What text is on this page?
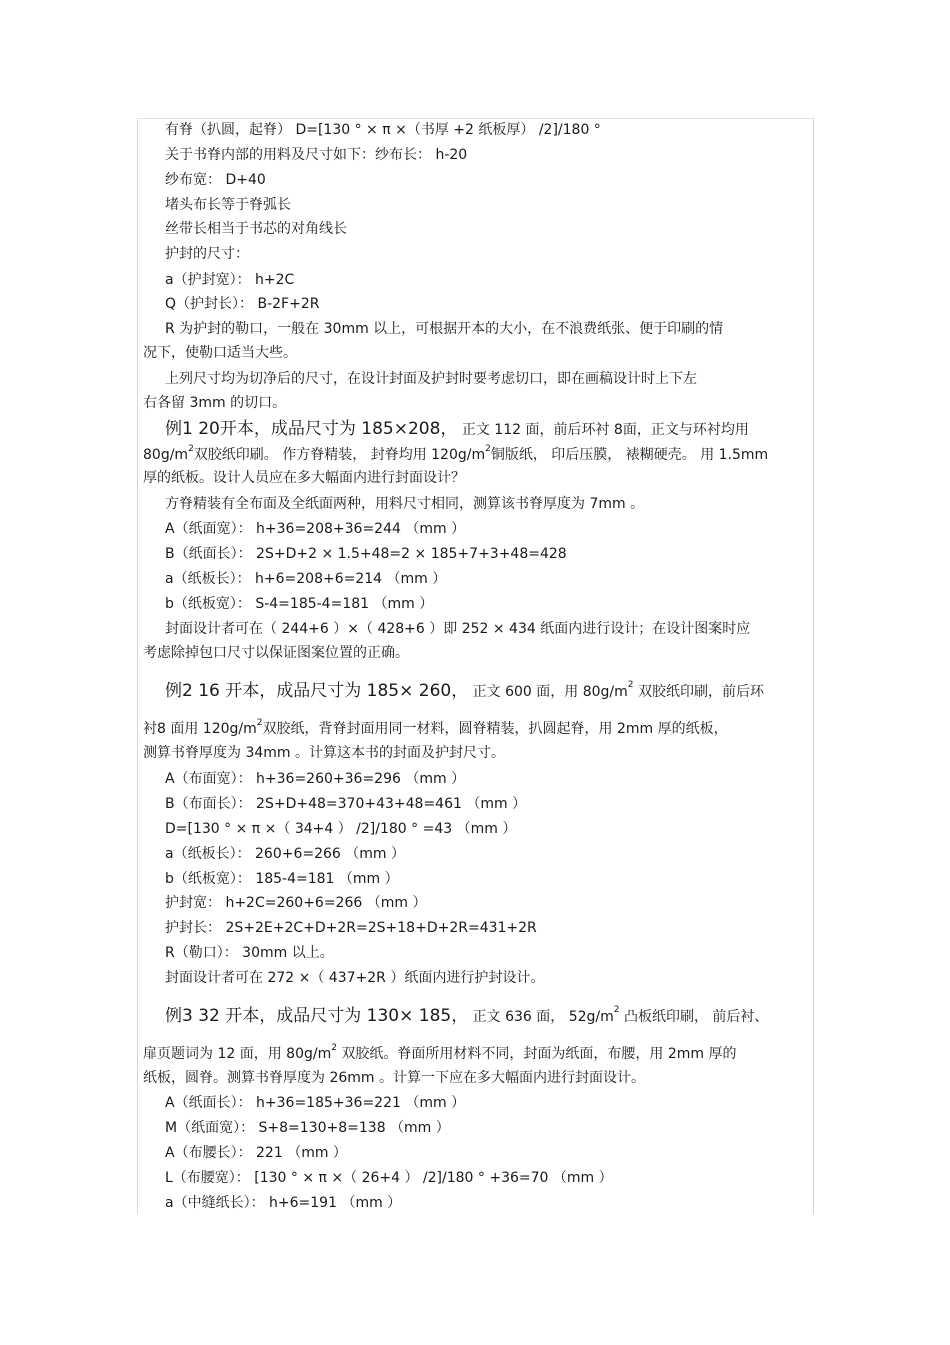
有脊（扒圆，起脊） D=[130 ° × π ×（书厚 +2 纸板厚） /2]/180 °
关于书脊内部的用料及尺寸如下：纱布长： h-20
纱布宽： D+40
堵头布长等于脊弧长
丝带长相当于书芯的对角线长
护封的尺寸：
a（护封宽）： h+2C
Q（护封长）： B-2F+2R
R 为护封的勒口，一般在 30mm 以上，可根据开本的大小，在不浪费纸张、便于印刷的情
况下，使勒口适当大些。
上列尺寸均为切净后的尺寸，在设计封面及护封时要考虑切口，即在画稿设计时上下左
右各留 3mm 的切口。
例1 20开本，成品尺寸为 185×208， 正文 112 面，前后环衬 8面，正文与环衬均用
$80g/m^2$双胶纸印刷。 作方脊精装， 封脊均用 $120g/m^2$铜版纸， 印后压膜， 裱糊硬壳。 用 1.5mm
厚的纸板。设计人员应在多大幅面内进行封面设计？
方脊精装有全布面及全纸面两种，用料尺寸相同，测算该书脊厚度为 7mm 。
A（纸面宽）： h+36=208+36=244 （mm ）
B（纸面长）： 2S+D+2 × 1.5+48=2 × 185+7+3+48=428
a（纸板长）： h+6=208+6=214 （mm ）
b（纸板宽）： S-4=185-4=181 （mm ）
封面设计者可在（ 244+6 ）×（ 428+6 ）即 252 × 434 纸面内进行设计；在设计图案时应
考虑除掉包口尺寸以保证图案位置的正确。
例2 16 开本，成品尺寸为 185× 260， 正文 600 面，用 $80g/m^2$ 双胶纸印刷，前后环
衬8 面用 $120g/m^2$双胶纸，背脊封面用同一材料，圆脊精装，扒圆起脊，用 2mm 厚的纸板，
测算书脊厚度为 34mm 。计算这本书的封面及护封尺寸。
A（布面宽）： h+36=260+36=296 （mm ）
B（布面长）： 2S+D+48=370+43+48=461 （mm ）
D=[130 ° × π ×（ 34+4 ） /2]/180 ° =43 （mm ）
a（纸板长）： 260+6=266 （mm ）
b（纸板宽）： 185-4=181 （mm ）
护封宽： h+2C=260+6=266 （mm ）
护封长： 2S+2E+2C+D+2R=2S+18+D+2R=431+2R
R（勒口）： 30mm 以上。
封面设计者可在 272 ×（ 437+2R ）纸面内进行护封设计。
例3 32 开本，成品尺寸为 130× 185， 正文 636 面， $52g/m^2$ 凸板纸印刷， 前后衬、
扉页题词为 12 面，用 $80g/m^2$ 双胶纸。脊面所用材料不同，封面为纸面，布腰，用 2mm 厚的
纸板，圆脊。测算书脊厚度为 26mm 。计算一下应在多大幅面内进行封面设计。
A（纸面长）： h+36=185+36=221 （mm ）
M（纸面宽）： S+8=130+8=138 （mm ）
A（布腰长）： 221 （mm ）
L（布腰宽）： [130 ° × π ×（ 26+4 ） /2]/180 ° +36=70 （mm ）
a（中缝纸长）： h+6=191 （mm ）
